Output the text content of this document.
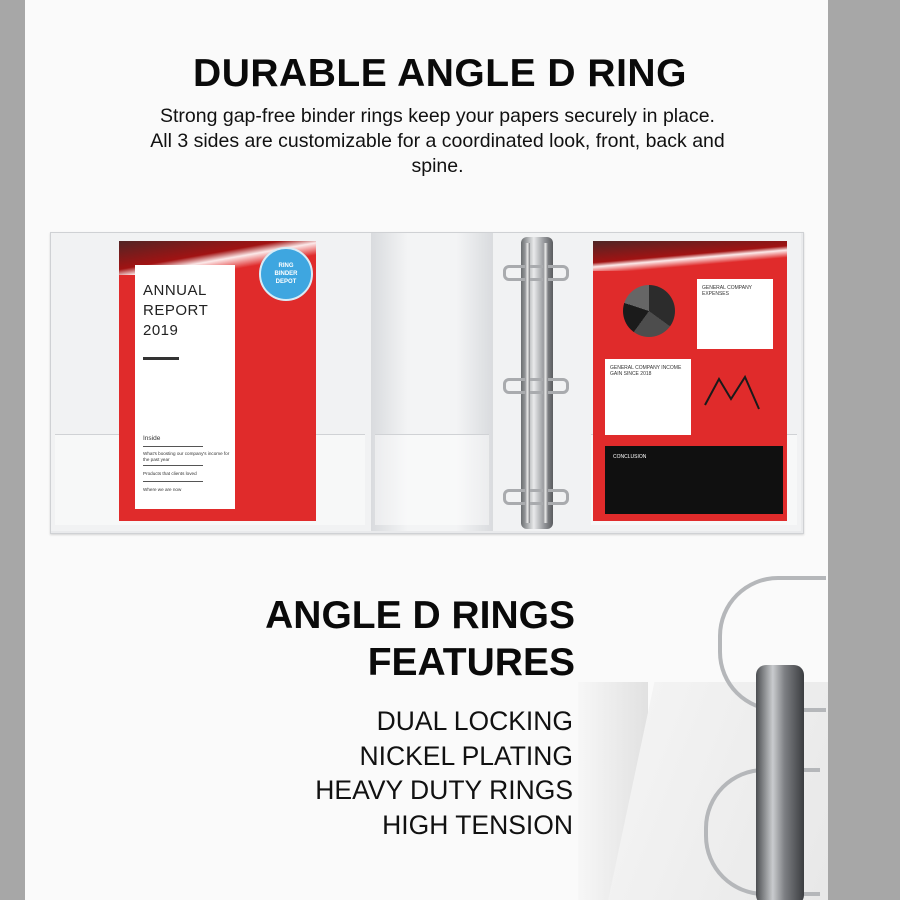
DURABLE ANGLE D RING

Strong gap-free binder rings keep your papers securely in place. All 3 sides are customizable for a coordinated look, front, back and spine.

ANNUAL
REPORT
2019

Inside
What's boosting our company's income for the past year
Products that clients loved
Where we are now
RING
BINDER
DEPOT
GENERAL COMPANY EXPENSES
GENERAL COMPANY INCOME GAIN SINCE 2018
CONCLUSION
ANGLE D RINGS
FEATURES
DUAL LOCKING
NICKEL PLATING
HEAVY DUTY RINGS
HIGH TENSION
